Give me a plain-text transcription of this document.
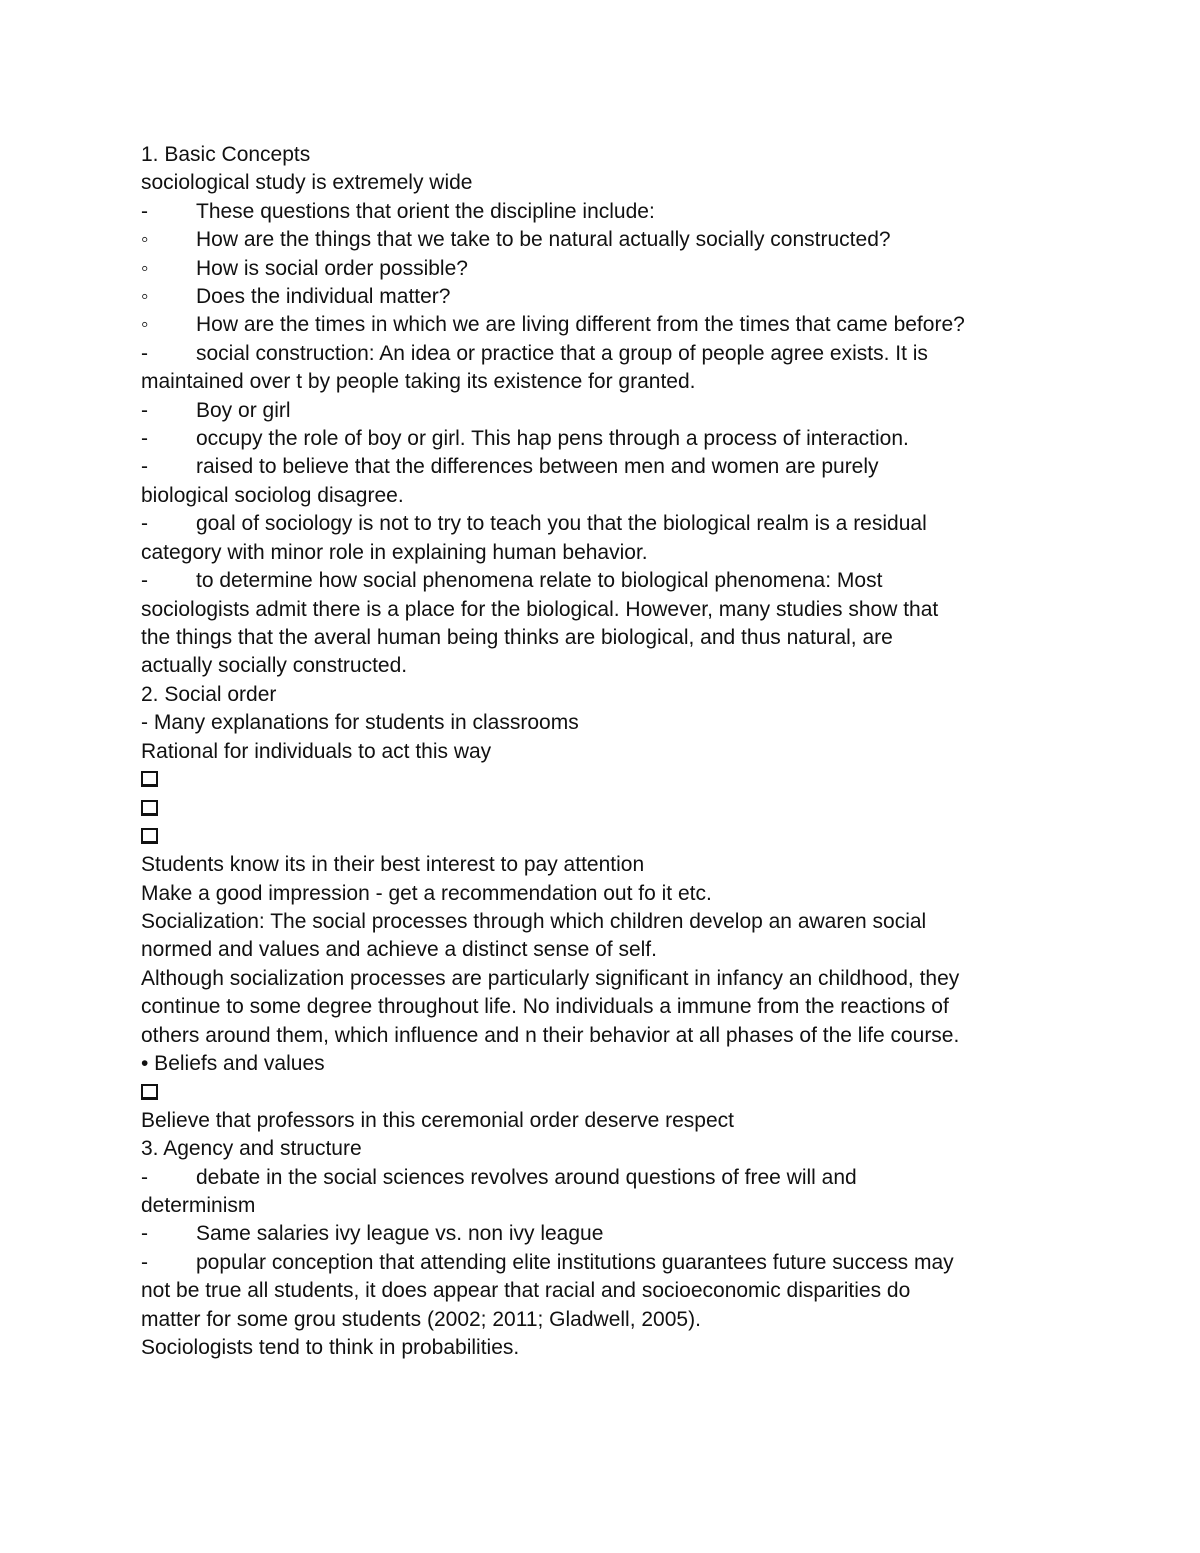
1. Basic Concepts
sociological study is extremely wide
-	These questions that orient the discipline include:
◦	How are the things that we take to be natural actually socially constructed?
◦	How is social order possible?
◦	Does the individual matter?
◦	How are the times in which we are living different from the times that came before?
-	social construction: An idea or practice that a group of people agree exists. It is
maintained over t by people taking its existence for granted.
-	Boy or girl
-	occupy the role of boy or girl. This hap pens through a process of interaction.
-	raised to believe that the differences between men and women are purely
biological sociolog disagree.
-	goal of sociology is not to try to teach you that the biological realm is a residual
category with minor role in explaining human behavior.
-	to determine how social phenomena relate to biological phenomena: Most
sociologists admit there is a place for the biological. However, many studies show that
the things that the averal human being thinks are biological, and thus natural, are
actually socially constructed.
2. Social order
- Many explanations for students in classrooms
Rational for individuals to act this way
Students know its in their best interest to pay attention
Make a good impression - get a recommendation out fo it etc.
Socialization: The social processes through which children develop an awaren social
normed and values and achieve a distinct sense of self.
Although socialization processes are particularly significant in infancy an childhood, they
continue to some degree throughout life. No individuals a immune from the reactions of
others around them, which influence and n their behavior at all phases of the life course.
• Beliefs and values
Believe that professors in this ceremonial order deserve respect
3. Agency and structure
-	debate in the social sciences revolves around questions of free will and
determinism
-	Same salaries ivy league vs. non ivy league
-	popular conception that attending elite institutions guarantees future success may
not be true all students, it does appear that racial and socioeconomic disparities do
matter for some grou students (2002; 2011; Gladwell, 2005).
Sociologists tend to think in probabilities.
